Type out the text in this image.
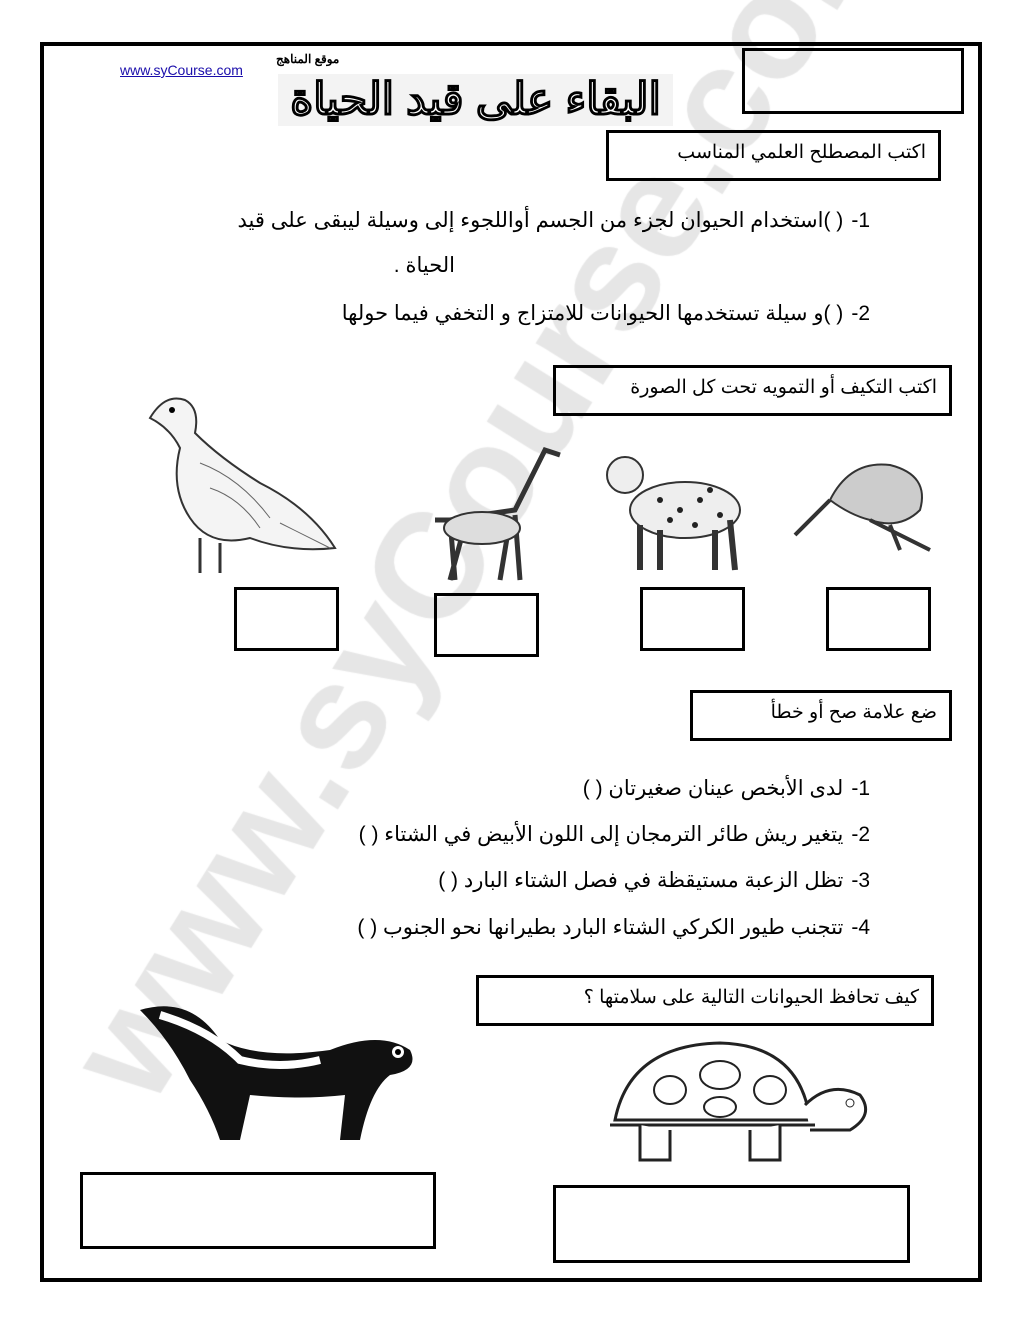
www.syCourse.com
موقع المناهج
البقاء على قيد الحياة
اكتب المصطلح العلمي المناسب
1-
( )
استخدام الحيوان لجزء من الجسم أواللجوء إلى وسيلة ليبقى على قيد
الحياة .
2-
( )
و سيلة تستخدمها الحيوانات للامتزاج و التخفي فيما حولها
اكتب التكيف أو التمويه تحت كل الصورة
ضع علامة صح أو خطأ
1-
لدى الأبخص عينان صغيرتان ( )
2-
يتغير ريش طائر الترمجان إلى اللون الأبيض في الشتاء ( )
3-
تظل الزعبة مستيقظة في فصل الشتاء البارد ( )
4-
تتجنب طيور الكركي الشتاء البارد بطيرانها نحو الجنوب ( )
كيف تحافظ الحيوانات التالية على سلامتها ؟
